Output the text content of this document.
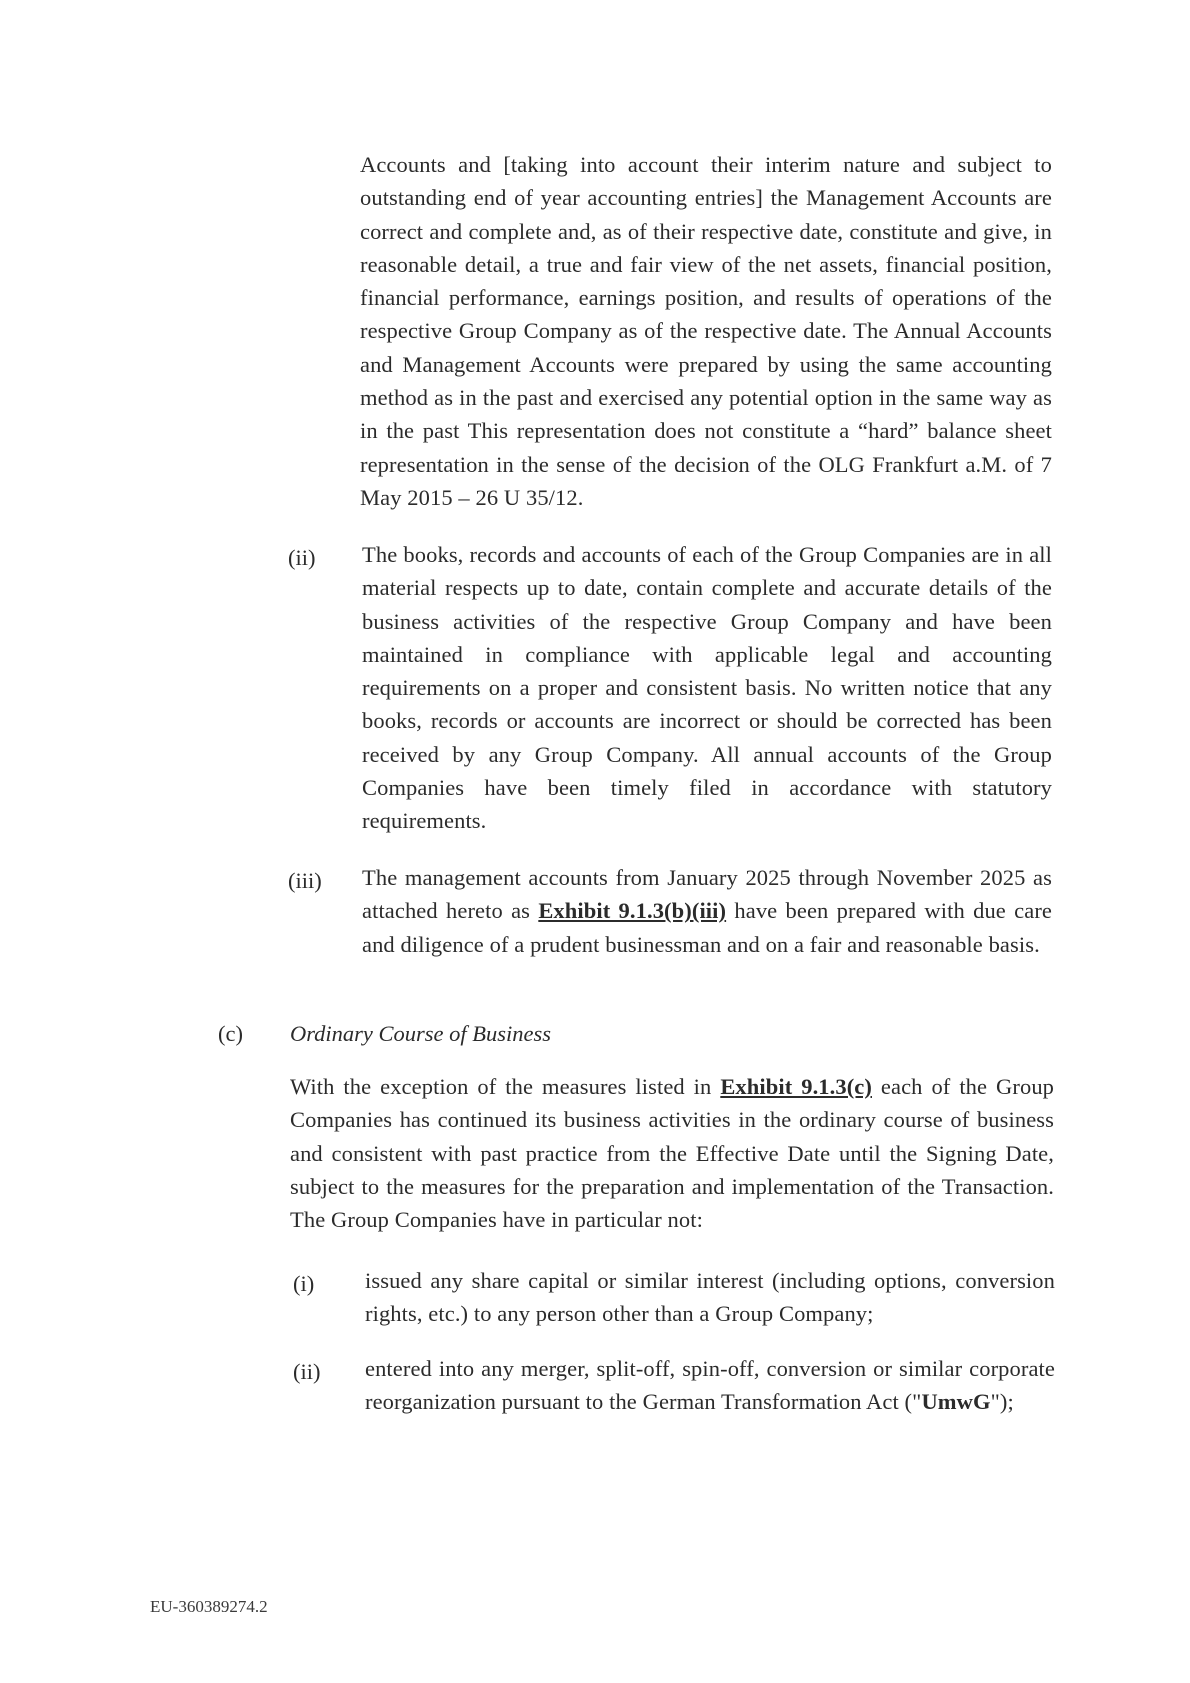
Accounts and [taking into account their interim nature and subject to outstanding end of year accounting entries] the Management Accounts are correct and complete and, as of their respective date, constitute and give, in reasonable detail, a true and fair view of the net assets, financial position, financial performance, earnings position, and results of operations of the respective Group Company as of the respective date. The Annual Accounts and Management Accounts were prepared by using the same accounting method as in the past and exercised any potential option in the same way as in the past This representation does not constitute a “hard” balance sheet representation in the sense of the decision of the OLG Frankfurt a.M. of 7 May 2015 – 26 U 35/12.
(ii) The books, records and accounts of each of the Group Companies are in all material respects up to date, contain complete and accurate details of the business activities of the respective Group Company and have been maintained in compliance with applicable legal and accounting requirements on a proper and consistent basis. No written notice that any books, records or accounts are incorrect or should be corrected has been received by any Group Company. All annual accounts of the Group Companies have been timely filed in accordance with statutory requirements.
(iii) The management accounts from January 2025 through November 2025 as attached hereto as Exhibit 9.1.3(b)(iii) have been prepared with due care and diligence of a prudent businessman and on a fair and reasonable basis.
(c) Ordinary Course of Business
With the exception of the measures listed in Exhibit 9.1.3(c) each of the Group Companies has continued its business activities in the ordinary course of business and consistent with past practice from the Effective Date until the Signing Date, subject to the measures for the preparation and implementation of the Transaction. The Group Companies have in particular not:
(i) issued any share capital or similar interest (including options, conversion rights, etc.) to any person other than a Group Company;
(ii) entered into any merger, split-off, spin-off, conversion or similar corporate reorganization pursuant to the German Transformation Act ("UmwG");
EU-360389274.2
